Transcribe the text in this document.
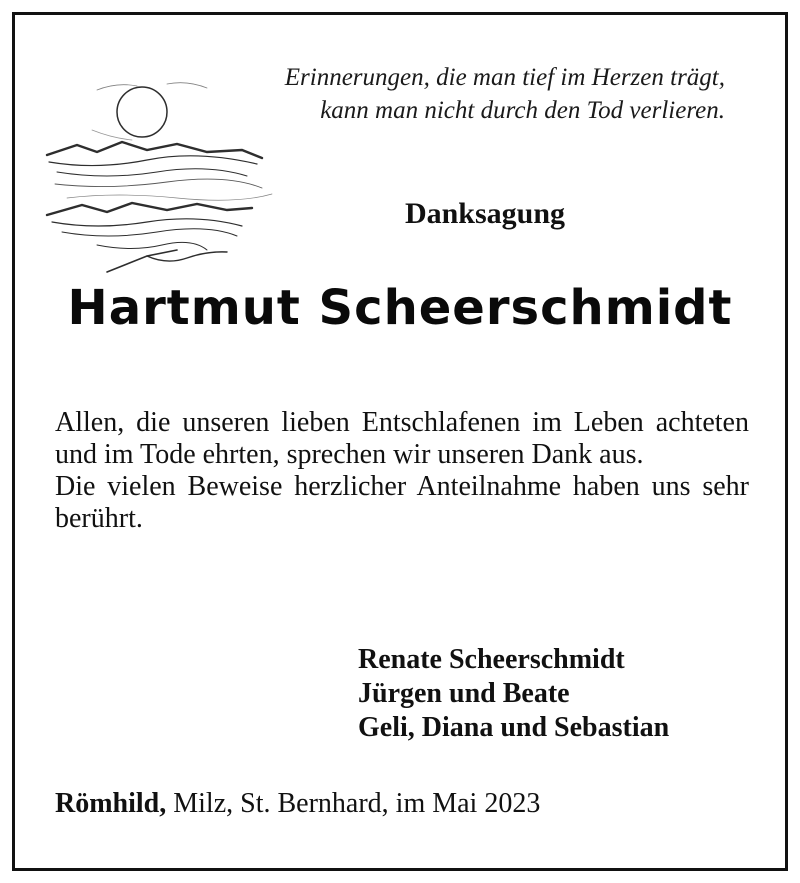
Erinnerungen, die man tief im Herzen trägt,
kann man nicht durch den Tod verlieren.
Danksagung
Hartmut Scheerschmidt

Allen, die unseren lieben Entschlafenen im Leben achteten und im Tode ehrten, sprechen wir unseren Dank aus.

Die vielen Beweise herzlicher Anteilnahme haben uns sehr berührt.

Renate Scheerschmidt
Jürgen und Beate
Geli, Diana und Sebastian
Römhild, Milz, St. Bernhard, im Mai 2023
